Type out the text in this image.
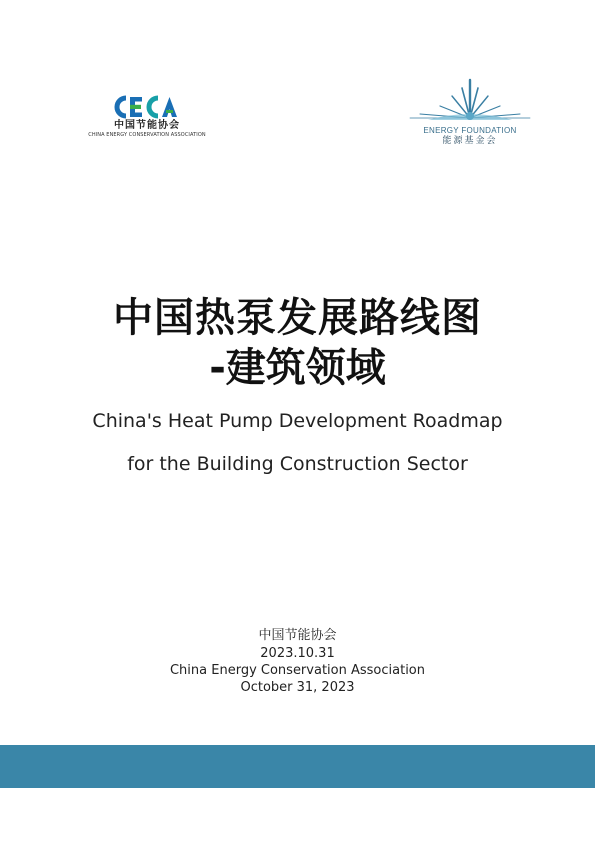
中国节能协会
CHINA ENERGY CONSERVATION ASSOCIATION	ENERGY FOUNDATION
能源基金会
中国热泵发展路线图
-建筑领域
China's Heat Pump Development Roadmap
for the Building Construction Sector
中国节能协会
2023.10.31
China Energy Conservation Association
October 31, 2023
